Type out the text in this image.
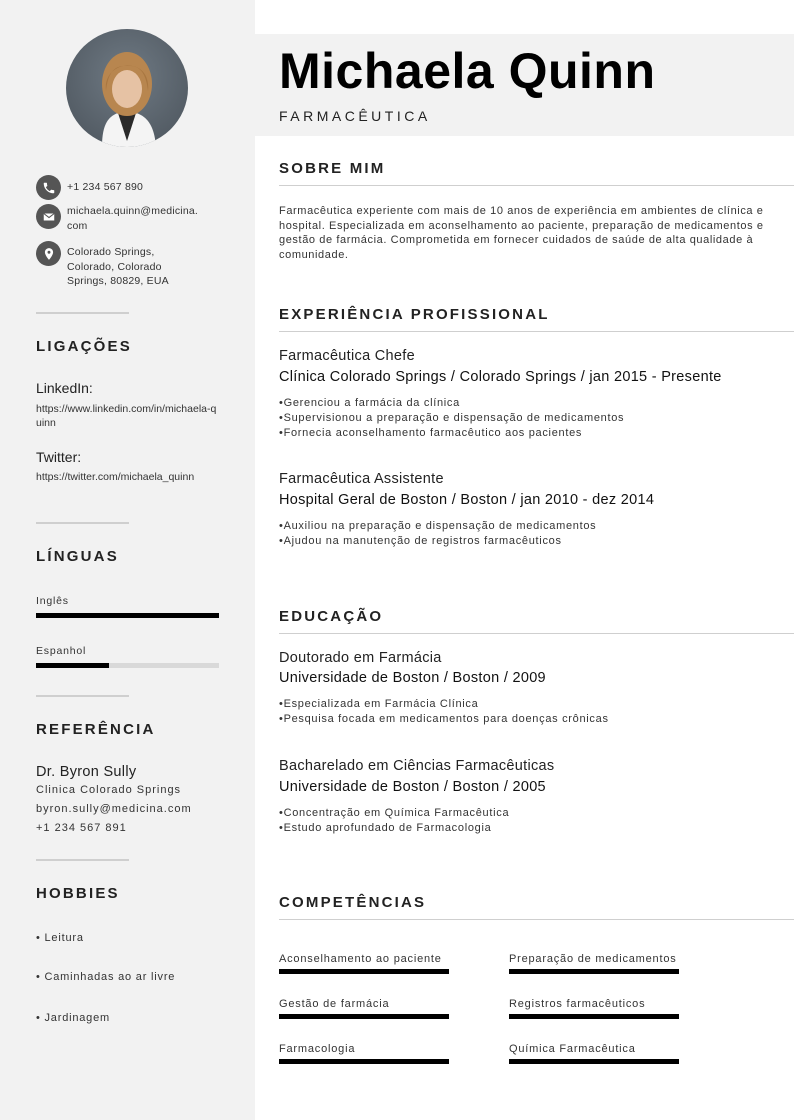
+1 234 567 890
michaela.quinn@medicina.
com
Colorado Springs,
Colorado, Colorado
Springs, 80829, EUA
LIGAÇÕES
LinkedIn:
https://www.linkedin.com/in/michaela-quinn
Twitter:
https://twitter.com/michaela_quinn
LÍNGUAS
Inglês
Espanhol
REFERÊNCIA
Dr. Byron Sully
Clinica Colorado Springs
byron.sully@medicina.com
+1 234 567 891
HOBBIES
• Leitura
• Caminhadas ao ar livre
• Jardinagem
Michaela Quinn
FARMACÊUTICA
SOBRE MIM
Farmacêutica experiente com mais de 10 anos de experiência em ambientes de clínica e hospital. Especializada em aconselhamento ao paciente, preparação de medicamentos e gestão de farmácia. Comprometida em fornecer cuidados de saúde de alta qualidade à comunidade.
EXPERIÊNCIA PROFISSIONAL
Farmacêutica Chefe
Clínica Colorado Springs / Colorado Springs / jan 2015 - Presente
• Gerenciou a farmácia da clínica
• Supervisionou a preparação e dispensação de medicamentos
• Fornecia aconselhamento farmacêutico aos pacientes
Farmacêutica Assistente
Hospital Geral de Boston / Boston / jan 2010 - dez 2014
• Auxiliou na preparação e dispensação de medicamentos
• Ajudou na manutenção de registros farmacêuticos
EDUCAÇÃO
Doutorado em Farmácia
Universidade de Boston / Boston / 2009
• Especializada em Farmácia Clínica
• Pesquisa focada em medicamentos para doenças crônicas
Bacharelado em Ciências Farmacêuticas
Universidade de Boston / Boston / 2005
• Concentração em Química Farmacêutica
• Estudo aprofundado de Farmacologia
COMPETÊNCIAS
Aconselhamento ao paciente	Preparação de medicamentos
Gestão de farmácia	Registros farmacêuticos
Farmacologia	Química Farmacêutica
